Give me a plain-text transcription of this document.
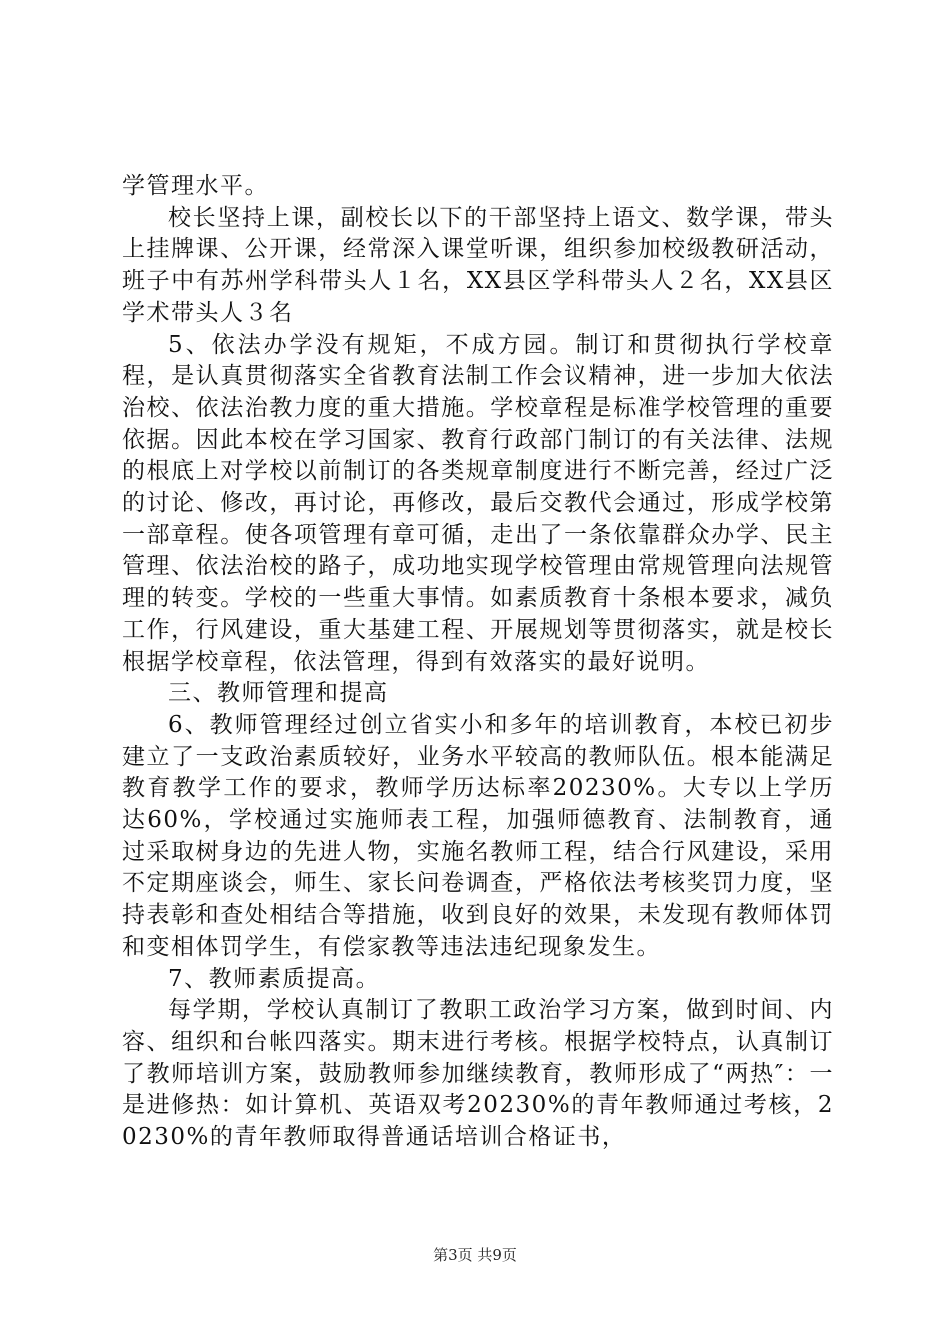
学管理水平。

校长坚持上课，副校长以下的干部坚持上语文、数学课，带头上挂牌课、公开课，经常深入课堂听课，组织参加校级教研活动，班子中有苏州学科带头人１名，XX县区学科带头人２名，XX县区学术带头人３名

5、依法办学没有规矩，不成方园。制订和贯彻执行学校章程，是认真贯彻落实全省教育法制工作会议精神，进一步加大依法治校、依法治教力度的重大措施。学校章程是标准学校管理的重要依据。因此本校在学习国家、教育行政部门制订的有关法律、法规的根底上对学校以前制订的各类规章制度进行不断完善，经过广泛的讨论、修改，再讨论，再修改，最后交教代会通过，形成学校第一部章程。使各项管理有章可循，走出了一条依靠群众办学、民主管理、依法治校的路子，成功地实现学校管理由常规管理向法规管理的转变。学校的一些重大事情。如素质教育十条根本要求，减负工作，行风建设，重大基建工程、开展规划等贯彻落实，就是校长根据学校章程，依法管理，得到有效落实的最好说明。

三、教师管理和提高

6、教师管理经过创立省实小和多年的培训教育，本校已初步建立了一支政治素质较好，业务水平较高的教师队伍。根本能满足教育教学工作的要求，教师学历达标率20230%。大专以上学历达60%，学校通过实施师表工程，加强师德教育、法制教育，通过采取树身边的先进人物，实施名教师工程，结合行风建设，采用不定期座谈会，师生、家长问卷调查，严格依法考核奖罚力度，坚持表彰和查处相结合等措施，收到良好的效果，未发现有教师体罚和变相体罚学生，有偿家教等违法违纪现象发生。

7、教师素质提高。

每学期，学校认真制订了教职工政治学习方案，做到时间、内容、组织和台帐四落实。期末进行考核。根据学校特点，认真制订了教师培训方案，鼓励教师参加继续教育，教师形成了“两热″：一是进修热：如计算机、英语双考20230%的青年教师通过考核，20230%的青年教师取得普通话培训合格证书，

第3页 共9页
